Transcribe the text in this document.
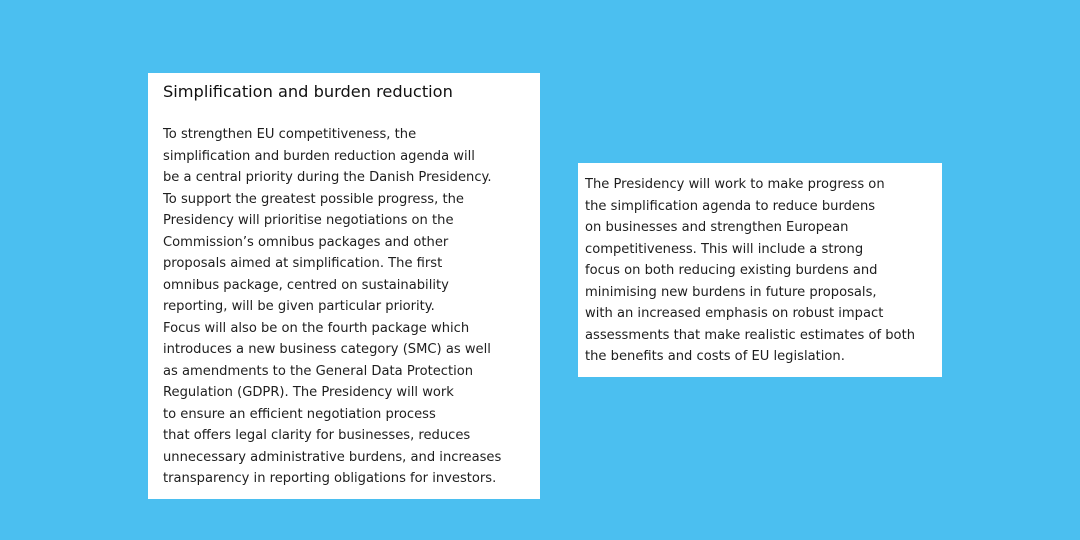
Simplification and burden reduction
To strengthen EU competitiveness, the
simplification and burden reduction agenda will
be a central priority during the Danish Presidency.
To support the greatest possible progress, the
Presidency will prioritise negotiations on the
Commission’s omnibus packages and other
proposals aimed at simplification. The first
omnibus package, centred on sustainability
reporting, will be given particular priority.
Focus will also be on the fourth package which
introduces a new business category (SMC) as well
as amendments to the General Data Protection
Regulation (GDPR). The Presidency will work
to ensure an efficient negotiation process
that offers legal clarity for businesses, reduces
unnecessary administrative burdens, and increases
transparency in reporting obligations for investors.
The Presidency will work to make progress on
the simplification agenda to reduce burdens
on businesses and strengthen European
competitiveness. This will include a strong
focus on both reducing existing burdens and
minimising new burdens in future proposals,
with an increased emphasis on robust impact
assessments that make realistic estimates of both
the benefits and costs of EU legislation.
